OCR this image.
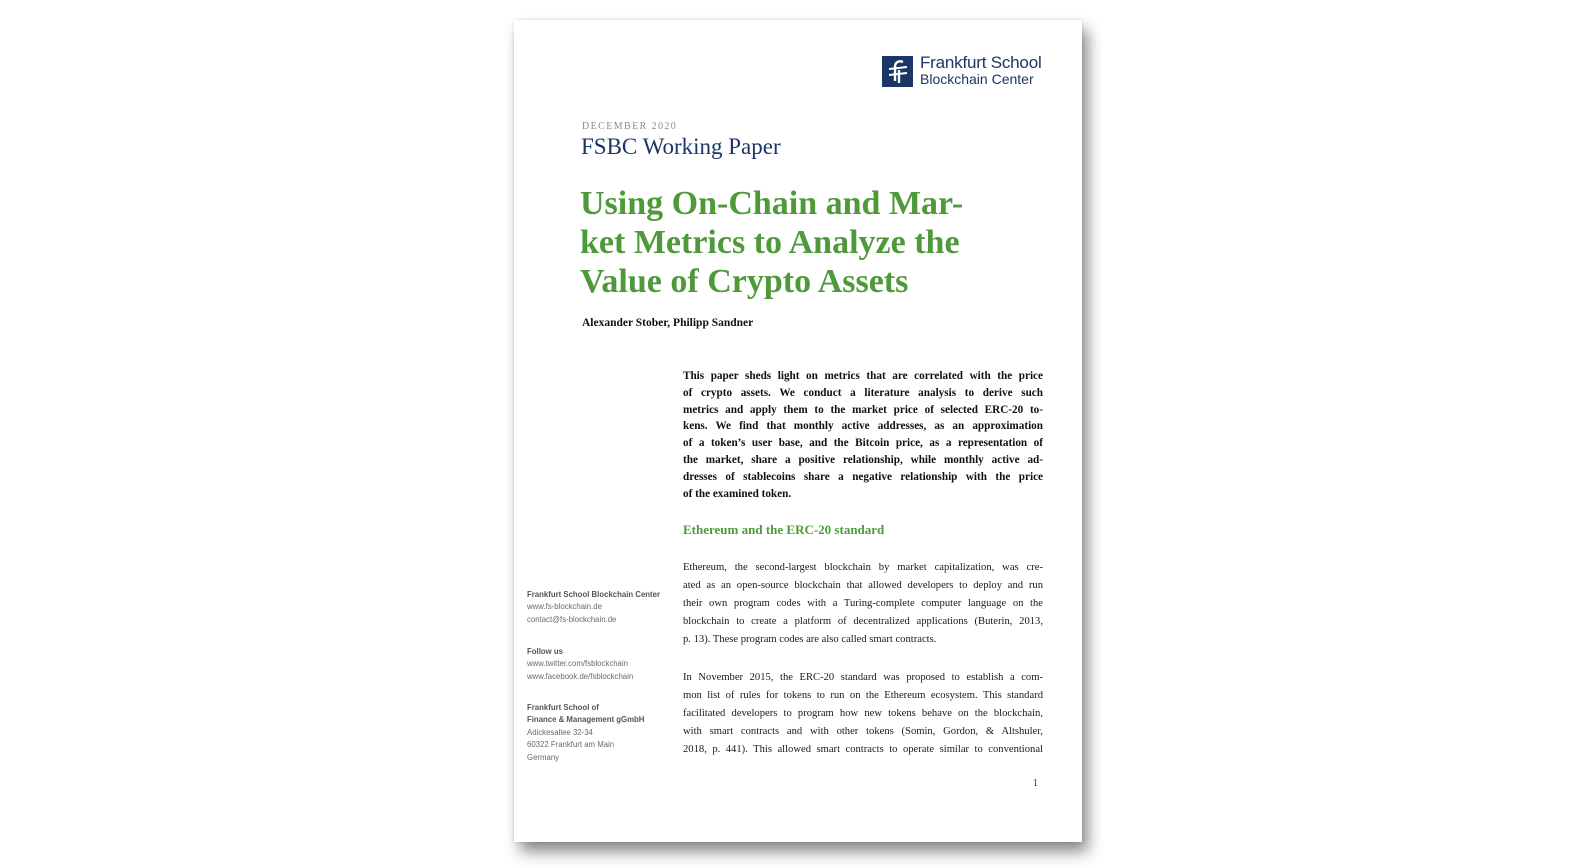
Frankfurt School
Blockchain Center
DECEMBER 2020
FSBC Working Paper
Using On-Chain and Mar-
ket Metrics to Analyze the
Value of Crypto Assets
Alexander Stober, Philipp Sandner
This paper sheds light on metrics that are correlated with the price
of crypto assets. We conduct a literature analysis to derive such
metrics and apply them to the market price of selected ERC-20 to-
kens. We find that monthly active addresses, as an approximation
of a token’s user base, and the Bitcoin price, as a representation of
the market, share a positive relationship, while monthly active ad-
dresses of stablecoins share a negative relationship with the price
of the examined token.
Ethereum and the ERC-20 standard
Ethereum, the second-largest blockchain by market capitalization, was cre-
ated as an open-source blockchain that allowed developers to deploy and run
their own program codes with a Turing-complete computer language on the
blockchain to create a platform of decentralized applications (Buterin, 2013,
p. 13). These program codes are also called smart contracts.
In November 2015, the ERC-20 standard was proposed to establish a com-
mon list of rules for tokens to run on the Ethereum ecosystem. This standard
facilitated developers to program how new tokens behave on the blockchain,
with smart contracts and with other tokens (Somin, Gordon, & Altshuler,
2018, p. 441). This allowed smart contracts to operate similar to conventional
Frankfurt School Blockchain Center
www.fs-blockchain.de
contact@fs-blockchain.de
Follow us
www.twitter.com/fsblockchain
www.facebook.de/fsblockchain
Frankfurt School of
Finance & Management gGmbH
Adickesallee 32-34
60322 Frankfurt am Main
Germany
1
